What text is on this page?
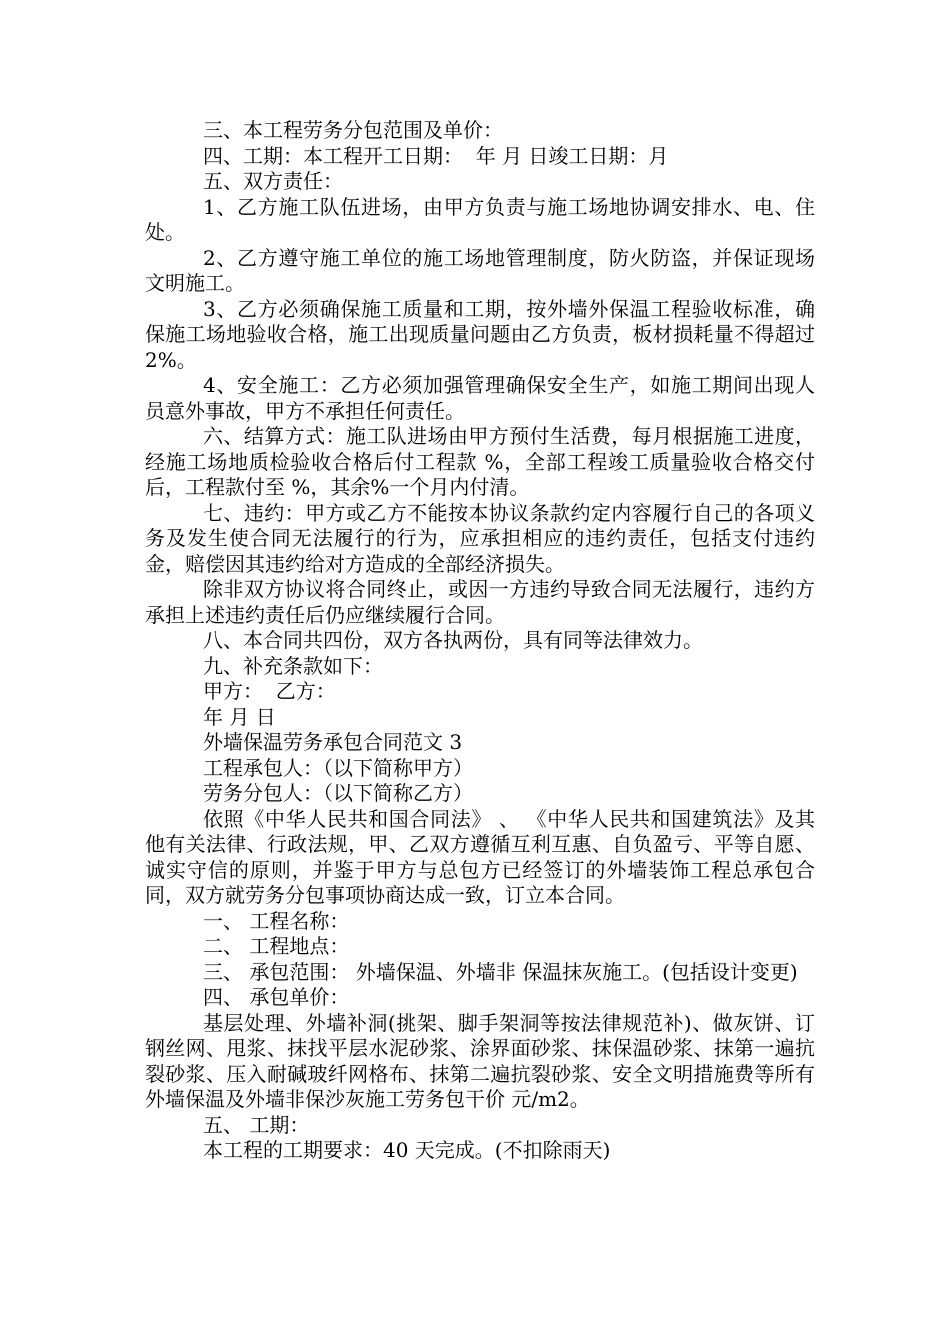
三、本工程劳务分包范围及单价：

四、工期：本工程开工日期：  年 月 日竣工日期：月

五、双方责任：

1、乙方施工队伍进场，由甲方负责与施工场地协调安排水、电、住处。

2、乙方遵守施工单位的施工场地管理制度，防火防盗，并保证现场文明施工。

3、乙方必须确保施工质量和工期，按外墙外保温工程验收标准，确保施工场地验收合格，施工出现质量问题由乙方负责，板材损耗量不得超过 2%。

4、安全施工：乙方必须加强管理确保安全生产，如施工期间出现人员意外事故，甲方不承担任何责任。

六、结算方式：施工队进场由甲方预付生活费，每月根据施工进度，经施工场地质检验收合格后付工程款 %，全部工程竣工质量验收合格交付后，工程款付至 %，其余%一个月内付清。

七、违约：甲方或乙方不能按本协议条款约定内容履行自己的各项义务及发生使合同无法履行的行为，应承担相应的违约责任，包括支付违约金，赔偿因其违约给对方造成的全部经济损失。

除非双方协议将合同终止，或因一方违约导致合同无法履行，违约方承担上述违约责任后仍应继续履行合同。

八、本合同共四份，双方各执两份，具有同等法律效力。

九、补充条款如下：

甲方：  乙方：

年 月 日

外墙保温劳务承包合同范文 3

工程承包人：（以下简称甲方）

劳务分包人：（以下简称乙方）

依照《中华人民共和国合同法》 、 《中华人民共和国建筑法》及其他有关法律、行政法规，甲、乙双方遵循互利互惠、自负盈亏、平等自愿、诚实守信的原则，并鉴于甲方与总包方已经签订的外墙装饰工程总承包合同，双方就劳务分包事项协商达成一致，订立本合同。

一、 工程名称：

二、 工程地点：

三、 承包范围： 外墙保温、外墙非 保温抹灰施工。(包括设计变更)

四、 承包单价：

基层处理、外墙补洞(挑架、脚手架洞等按法律规范补)、做灰饼、订钢丝网、甩浆、抹找平层水泥砂浆、涂界面砂浆、抹保温砂浆、抹第一遍抗裂砂浆、压入耐碱玻纤网格布、抹第二遍抗裂砂浆、安全文明措施费等所有外墙保温及外墙非保沙灰施工劳务包干价 元/m2。

五、 工期：

本工程的工期要求：40 天完成。(不扣除雨天)
